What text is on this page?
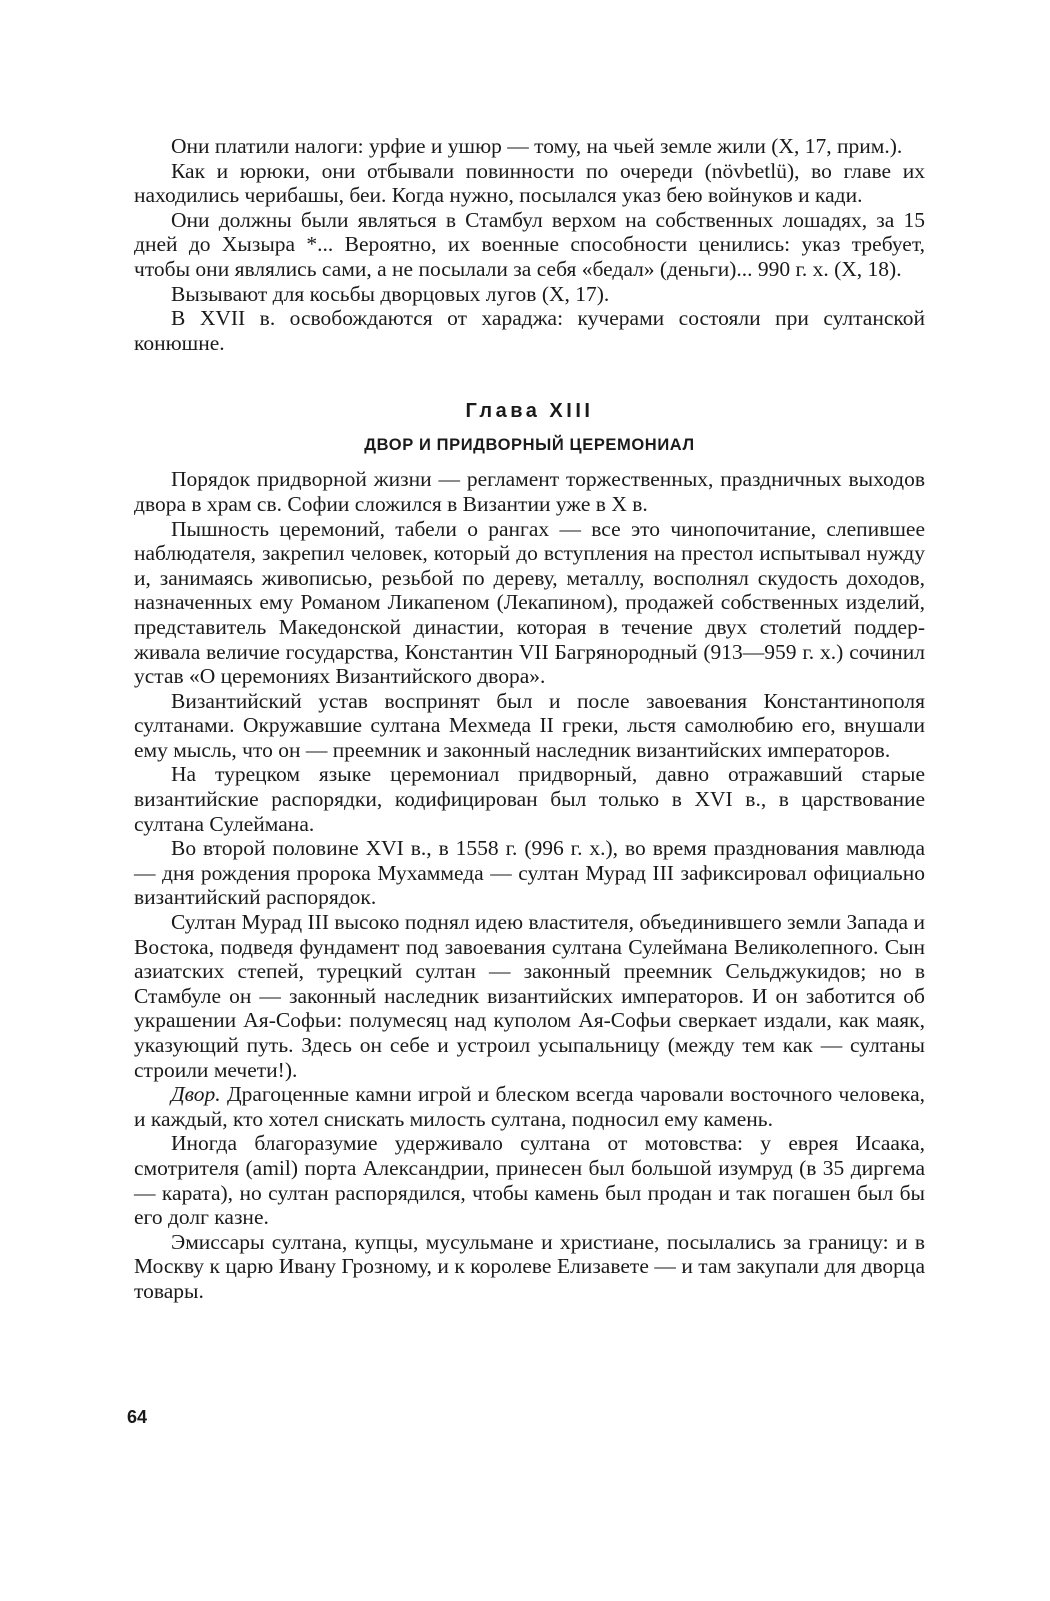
Они платили налоги: урфие и ушюр — тому, на чьей земле жили (X, 17, прим.).

Как и юрюки, они отбывали повинности по очереди (növbetlü), во главе их находились черибашы, беи. Когда нужно, посылался указ бею войнуков и кади.

Они должны были являться в Стамбул верхом на собственных лошадях, за 15 дней до Хызыра *... Вероятно, их военные способности ценились: указ требует, чтобы они являлись сами, а не посылали за себя «бедал» (деньги)... 990 г. х. (X, 18).

Вызывают для косьбы дворцовых лугов (X, 17).

В XVII в. освобождаются от хараджа: кучерами состояли при султанской конюшне.

Глава XIII
ДВОР И ПРИДВОРНЫЙ ЦЕРЕМОНИАЛ

Порядок придворной жизни — регламент торжественных, праздничных выходов двора в храм св. Софии сложился в Византии уже в X в.

Пышность церемоний, табели о рангах — все это чинопочитание, слепившее наблюдателя, закрепил человек, который до вступления на престол испытывал нужду и, занимаясь живописью, резьбой по дереву, металлу, восполнял скудость доходов, назначенных ему Романом Ликапеном (Лекапином), продажей собственных изделий, представитель Македонской династии, которая в течение двух столетий поддерживала величие государства, Константин VII Багрянородный (913—959 г. х.) сочинил устав «О церемониях Византийского двора».

Византийский устав воспринят был и после завоевания Константинополя султанами. Окружавшие султана Мехмеда II греки, льстя самолюбию его, внушали ему мысль, что он — преемник и законный наследник византийских императоров.

На турецком языке церемониал придворный, давно отражавший старые византийские распорядки, кодифицирован был только в XVI в., в царствование султана Сулеймана.

Во второй половине XVI в., в 1558 г. (996 г. х.), во время празднования мавлюда — дня рождения пророка Мухаммеда — султан Мурад III зафиксировал официально византийский распорядок.

Султан Мурад III высоко поднял идею властителя, объединившего земли Запада и Востока, подведя фундамент под завоевания султана Сулеймана Великолепного. Сын азиатских степей, турецкий султан — законный преемник Сельджукидов; но в Стамбуле он — законный наследник византийских императоров. И он заботится об украшении Ая-Софьи: полумесяц над куполом Ая-Софьи сверкает издали, как маяк, указующий путь. Здесь он себе и устроил усыпальницу (между тем как — султаны строили мечети!).

Двор. Драгоценные камни игрой и блеском всегда чаровали восточного человека, и каждый, кто хотел снискать милость султана, подносил ему камень.

Иногда благоразумие удерживало султана от мотовства: у еврея Исаака, смотрителя (amil) порта Александрии, принесен был большой изумруд (в 35 диргема — карата), но султан распорядился, чтобы камень был продан и так погашен был бы его долг казне.

Эмиссары султана, купцы, мусульмане и христиане, посылались за границу: и в Москву к царю Ивану Грозному, и к королеве Елизавете — и там закупали для дворца товары.

64
